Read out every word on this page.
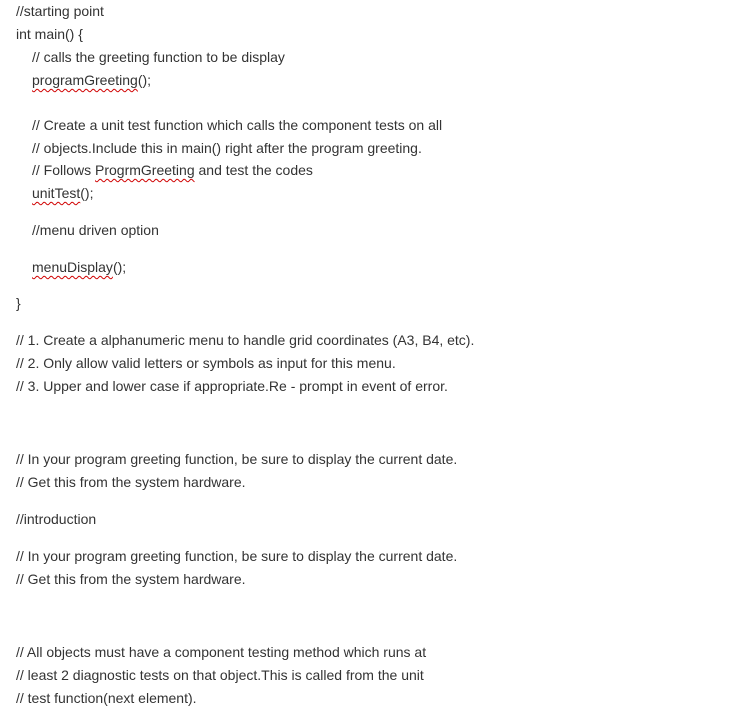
//starting point
int main() {
// calls the greeting function to be display
programGreeting();
// Create a unit test function which calls the component tests on all
// objects.Include this in main() right after the program greeting.
// Follows ProgrmGreeting and test the codes
unitTest();
//menu driven option
menuDisplay();
}
// 1. Create a alphanumeric menu to handle grid coordinates (A3, B4, etc).
// 2. Only allow valid letters or symbols as input for this menu.
// 3. Upper and lower case if appropriate.Re - prompt in event of error.
// In your program greeting function, be sure to display the current date.
// Get this from the system hardware.
//introduction
// In your program greeting function, be sure to display the current date.
// Get this from the system hardware.
// All objects must have a component testing method which runs at
// least 2 diagnostic tests on that object.This is called from the unit
// test function(next element).
